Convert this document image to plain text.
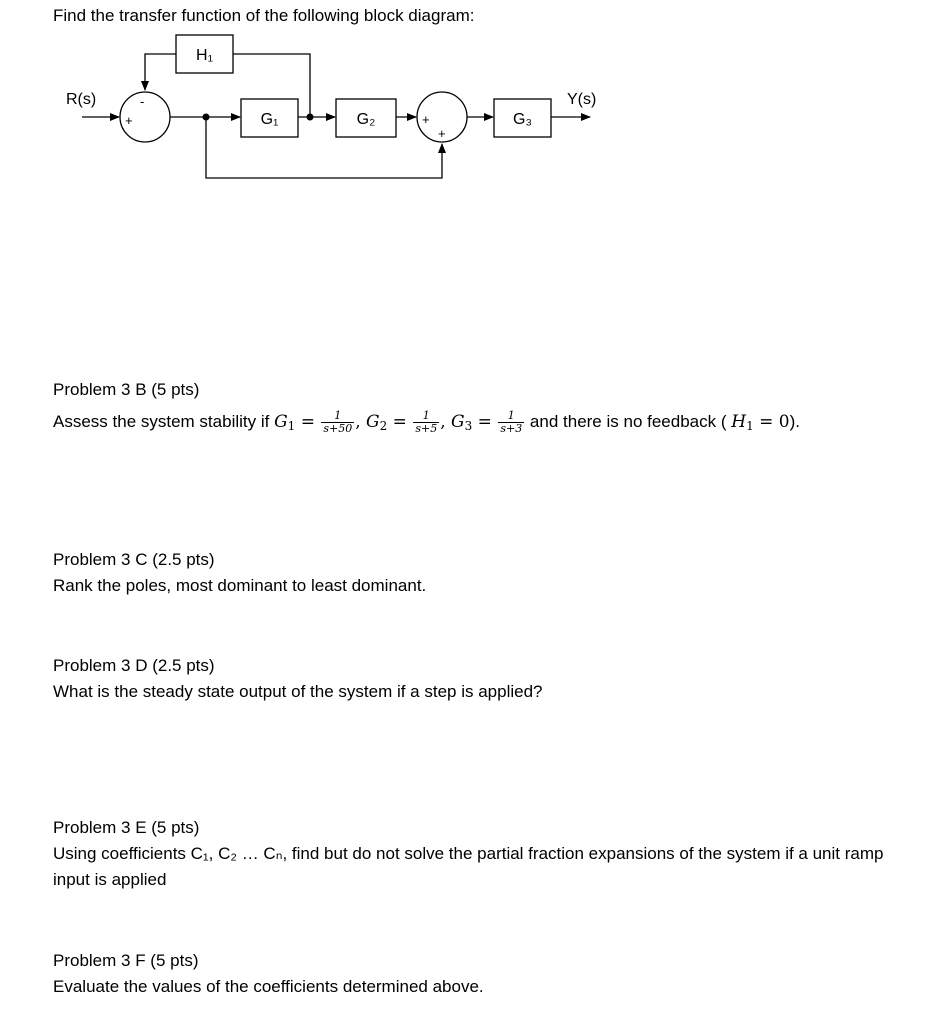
Find the transfer function of the following block diagram:
R(s)	-
+	G₁	G₂	+
+
G₃
Y(s)
H₁
Problem 3 B (5 pts)
Assess the system stability if $G_1 = \frac{1}{s+50}$ , $G_2 = \frac{1}{s+5}$ , $G_3 = \frac{1}{s+3}$ and there is no feedback ( $H_1 = 0$).
Problem 3 C (2.5 pts)
Rank the poles, most dominant to least dominant.
Problem 3 D (2.5 pts)
What is the steady state output of the system if a step is applied?
Problem 3 E (5 pts)
Using coefficients C₁, C₂ … Cₙ, find but do not solve the partial fraction expansions of the system if a unit ramp input is applied
Problem 3 F (5 pts)
Evaluate the values of the coefficients determined above.
